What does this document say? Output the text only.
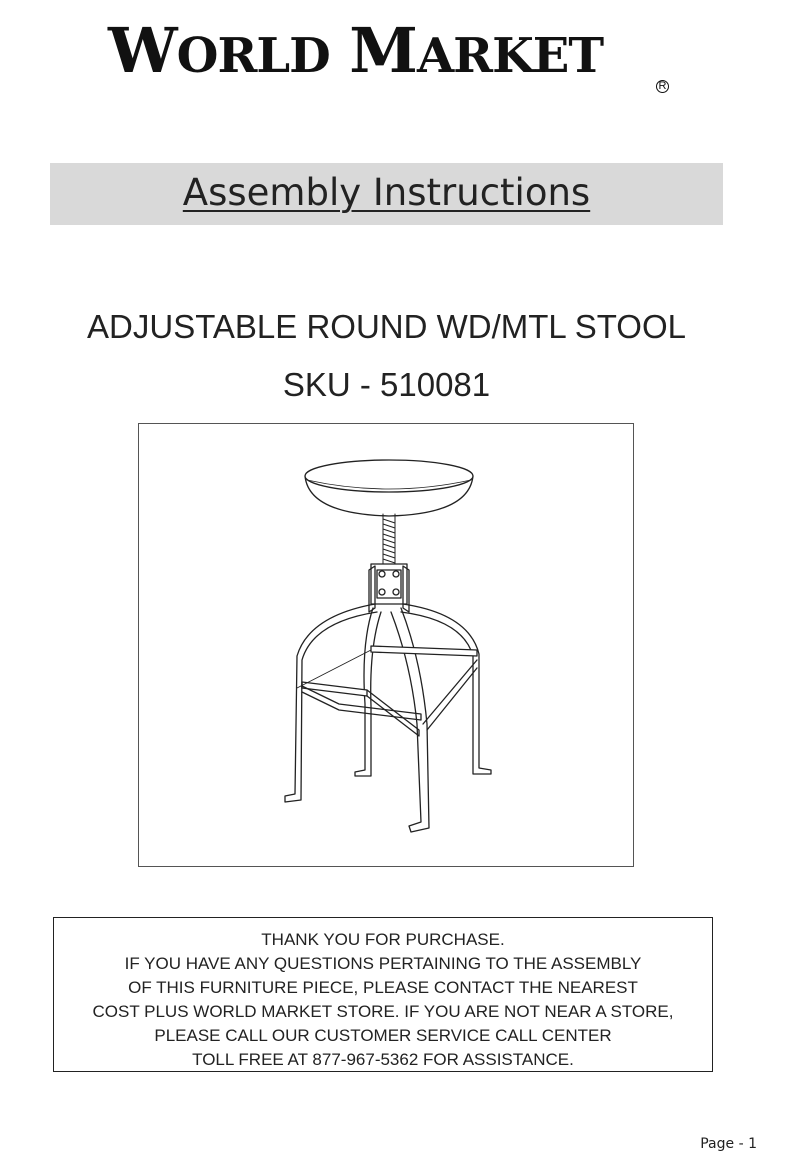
WORLD MARKET
R
Assembly Instructions
ADJUSTABLE ROUND WD/MTL STOOL
SKU - 510081
THANK YOU FOR PURCHASE.
IF YOU HAVE ANY QUESTIONS PERTAINING TO THE ASSEMBLY
OF THIS FURNITURE PIECE, PLEASE CONTACT THE NEAREST
COST PLUS WORLD MARKET STORE. IF YOU ARE NOT NEAR A STORE,
PLEASE CALL OUR CUSTOMER SERVICE CALL CENTER
TOLL FREE AT 877-967-5362 FOR ASSISTANCE.
Page - 1
